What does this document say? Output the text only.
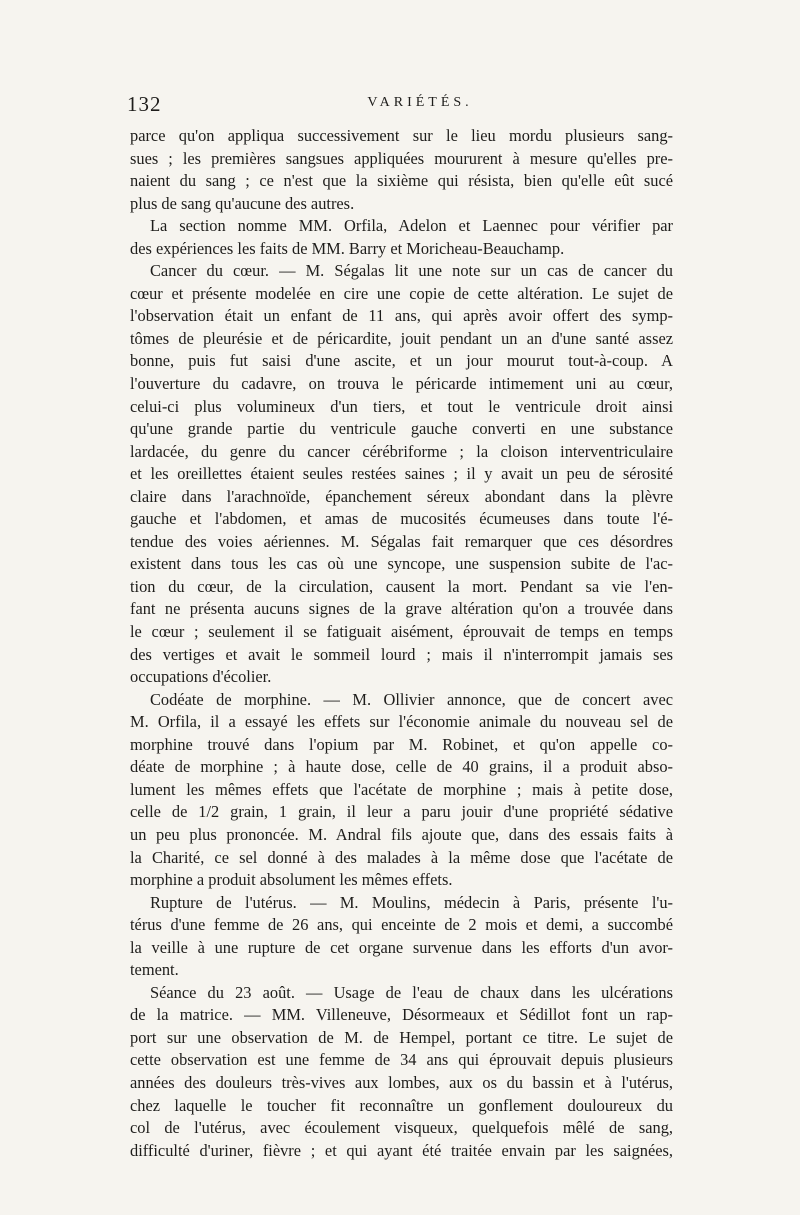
132	VARIÉTÉS.
parce qu'on appliqua successivement sur le lieu mordu plusieurs sang-
sues ; les premières sangsues appliquées moururent à mesure qu'elles pre-
naient du sang ; ce n'est que la sixième qui résista, bien qu'elle eût sucé
plus de sang qu'aucune des autres.
La section nomme MM. Orfila, Adelon et Laennec pour vérifier par
des expériences les faits de MM. Barry et Moricheau-Beauchamp.
Cancer du cœur. — M. Ségalas lit une note sur un cas de cancer du
cœur et présente modelée en cire une copie de cette altération. Le sujet de
l'observation était un enfant de 11 ans, qui après avoir offert des symp-
tômes de pleurésie et de péricardite, jouit pendant un an d'une santé assez
bonne, puis fut saisi d'une ascite, et un jour mourut tout-à-coup. A
l'ouverture du cadavre, on trouva le péricarde intimement uni au cœur,
celui-ci plus volumineux d'un tiers, et tout le ventricule droit ainsi
qu'une grande partie du ventricule gauche converti en une substance
lardacée, du genre du cancer cérébriforme ; la cloison interventriculaire
et les oreillettes étaient seules restées saines ; il y avait un peu de sérosité
claire dans l'arachnoïde, épanchement séreux abondant dans la plèvre
gauche et l'abdomen, et amas de mucosités écumeuses dans toute l'é-
tendue des voies aériennes. M. Ségalas fait remarquer que ces désordres
existent dans tous les cas où une syncope, une suspension subite de l'ac-
tion du cœur, de la circulation, causent la mort. Pendant sa vie l'en-
fant ne présenta aucuns signes de la grave altération qu'on a trouvée dans
le cœur ; seulement il se fatiguait aisément, éprouvait de temps en temps
des vertiges et avait le sommeil lourd ; mais il n'interrompit jamais ses
occupations d'écolier.
Codéate de morphine. — M. Ollivier annonce, que de concert avec
M. Orfila, il a essayé les effets sur l'économie animale du nouveau sel de
morphine trouvé dans l'opium par M. Robinet, et qu'on appelle co-
déate de morphine ; à haute dose, celle de 40 grains, il a produit abso-
lument les mêmes effets que l'acétate de morphine ; mais à petite dose,
celle de 1/2 grain, 1 grain, il leur a paru jouir d'une propriété sédative
un peu plus prononcée. M. Andral fils ajoute que, dans des essais faits à
la Charité, ce sel donné à des malades à la même dose que l'acétate de
morphine a produit absolument les mêmes effets.
Rupture de l'utérus. — M. Moulins, médecin à Paris, présente l'u-
térus d'une femme de 26 ans, qui enceinte de 2 mois et demi, a succombé
la veille à une rupture de cet organe survenue dans les efforts d'un avor-
tement.
Séance du 23 août. — Usage de l'eau de chaux dans les ulcérations
de la matrice. — MM. Villeneuve, Désormeaux et Sédillot font un rap-
port sur une observation de M. de Hempel, portant ce titre. Le sujet de
cette observation est une femme de 34 ans qui éprouvait depuis plusieurs
années des douleurs très-vives aux lombes, aux os du bassin et à l'utérus,
chez laquelle le toucher fit reconnaître un gonflement douloureux du
col de l'utérus, avec écoulement visqueux, quelquefois mêlé de sang,
difficulté d'uriner, fièvre ; et qui ayant été traitée envain par les saignées,
